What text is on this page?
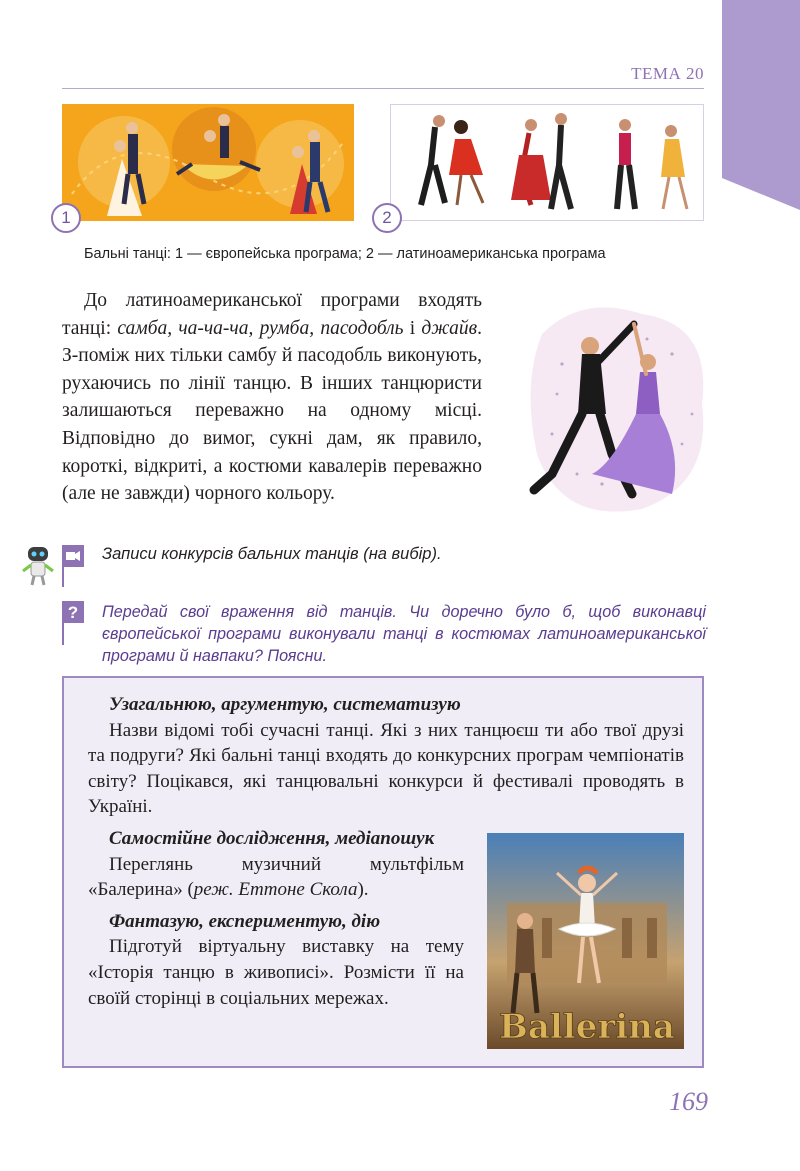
ТЕМА 20
1	2
Бальні танці: 1 — європейська програма; 2 — латиноамериканська програма
До латиноамериканської програми входять танці: самба, ча-ча-ча, румба, пасодобль і джайв. З-поміж них тільки самбу й пасодобль виконують, рухаючись по лінії танцю. В інших танцюристи залишаються переважно на одному місці. Відповідно до вимог, сукні дам, як правило, короткі, відкриті, а костюми кавалерів переважно (але не завжди) чорного кольору.
Записи конкурсів бальних танців (на вибір).
? Передай свої враження від танців. Чи доречно було б, щоб виконавці європейської програми виконували танці в костюмах латиноамериканської програми й навпаки? Поясни.

Узагальнюю, аргументую, систематизую

Назви відомі тобі сучасні танці. Які з них танцюєш ти або твої друзі та подруги? Які бальні танці входять до конкурсних програм чемпіонатів світу? Поцікався, які танцювальні конкурси й фестивалі проводять в Україні.

Самостійне дослідження, медіапошук

Переглянь музичний мультфільм «Балерина» (реж. Еттоне Скола).

Фантазую, експериментую, дію

Підготуй віртуальну виставку на тему «Історія танцю в живописі». Розмісти її на своїй сторінці в соціальних мережах.

Ballerina
169
